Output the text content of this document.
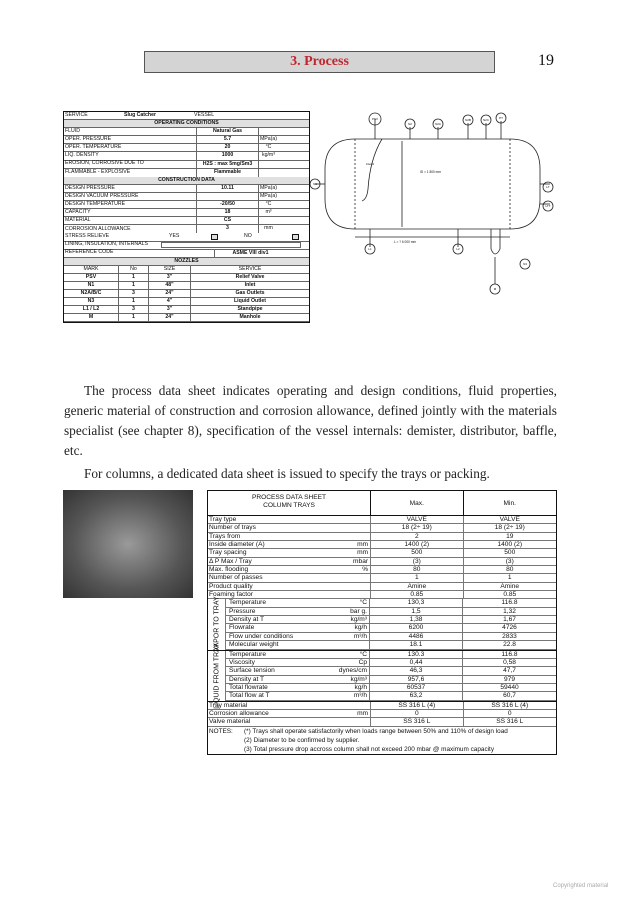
3. Process	19
SERVICE	Slug Catcher	VESSEL
OPERATING CONDITIONS
FLUID	Natural Gas
OPER. PRESSURE	5.7	MPa(a)
OPER. TEMPERATURE	20	°C
LIQ. DENSITY	1000	kg/m³
EROSION, CORROSIVE DUE TO	H2S : max 5mg/Sm3
FLAMMABLE - EXPLOSIVE	Flammable
CONSTRUCTION DATA
DESIGN PRESSURE	10.11	MPa(a)
DESIGN VACUUM PRESSURE	MPa(a)
DESIGN TEMPERATURE	-20/50	°C
CAPACITY	18	m³
MATERIAL	CS
CORROSION ALLOWANCE	3	mm
STRESS RELIEVE	YES	NO
LINING, INSULATION, INTERNALS
REFERENCE CODE	ASME VIII div1
NOZZLES
MARK	No	SIZE	SERVICE
PSV	1	3"	Relief Valve
N1	1	48"	Inlet
N2A/B/C	3	24"	Gas Outlets
N3	1	4"	Liquid Outlet
L1 / L2	3	3"	Standpipe
M	1	24"	Manhole
PSV
N2	N2A
N2B	N2C	PT
LTT
N1
L1	L2
N3
M
LT
ID = 1 800 mm
L = ? 6 000 mm
inlet d

The process data sheet indicates operating and design conditions, fluid properties, generic material of construction and corrosion allowance, defined jointly with the materials specialist (see chapter 8), specification of the vessel internals: demister, distributor, baffle, etc.

For columns, a dedicated data sheet is issued to specify the trays or packing.

PROCESS DATA SHEET
COLUMN TRAYS	Max.	Min.
Tray type	VALVE	VALVE
Number of trays	18 (2÷ 19)	18 (2÷ 19)
Trays from	2	19
Inside diameter (A)	mm	1400 (2)	1400 (2)
Tray spacing	mm	500	500
Δ P Max / Tray	mbar	(3)	(3)
Max. flooding	%	80	80
Number of passes	1	1
Product quality	Amine	Amine
Foaming factor	0.85	0.85
VAPOR TO TRAY	Temperature	°C	130,3	116.8
Pressure	bar g.	1,5	1,32
Density at T	kg/m³	1,38	1,67
Flowrate	kg/h	6200	4726
Flow under conditions	m³/h	4486	2833
Molecular weight	18.1	22.8
LIQUID FROM TRAY	Temperature	°C	130.3	116.8
Viscosity	Cp	0,44	0,58
Surface tension	dynes/cm	46,3	47,7
Density at T	kg/m³	957,6	979
Total flowrate	kg/h	60537	59440
Total flow at T	m³/h	63,2	60,7
Tray material	SS 316 L (4)	SS 316 L (4)
Corrosion allowance	mm	0	0
Valve material	SS 316 L	SS 316 L
NOTES:	(*) Trays shall operate satisfactorily when loads range between 50% and 110% of design load
(2) Diameter to be confirmed by supplier.
(3) Total pressure drop accross column shall not exceed 200 mbar @ maximum capacity
Copyrighted material
